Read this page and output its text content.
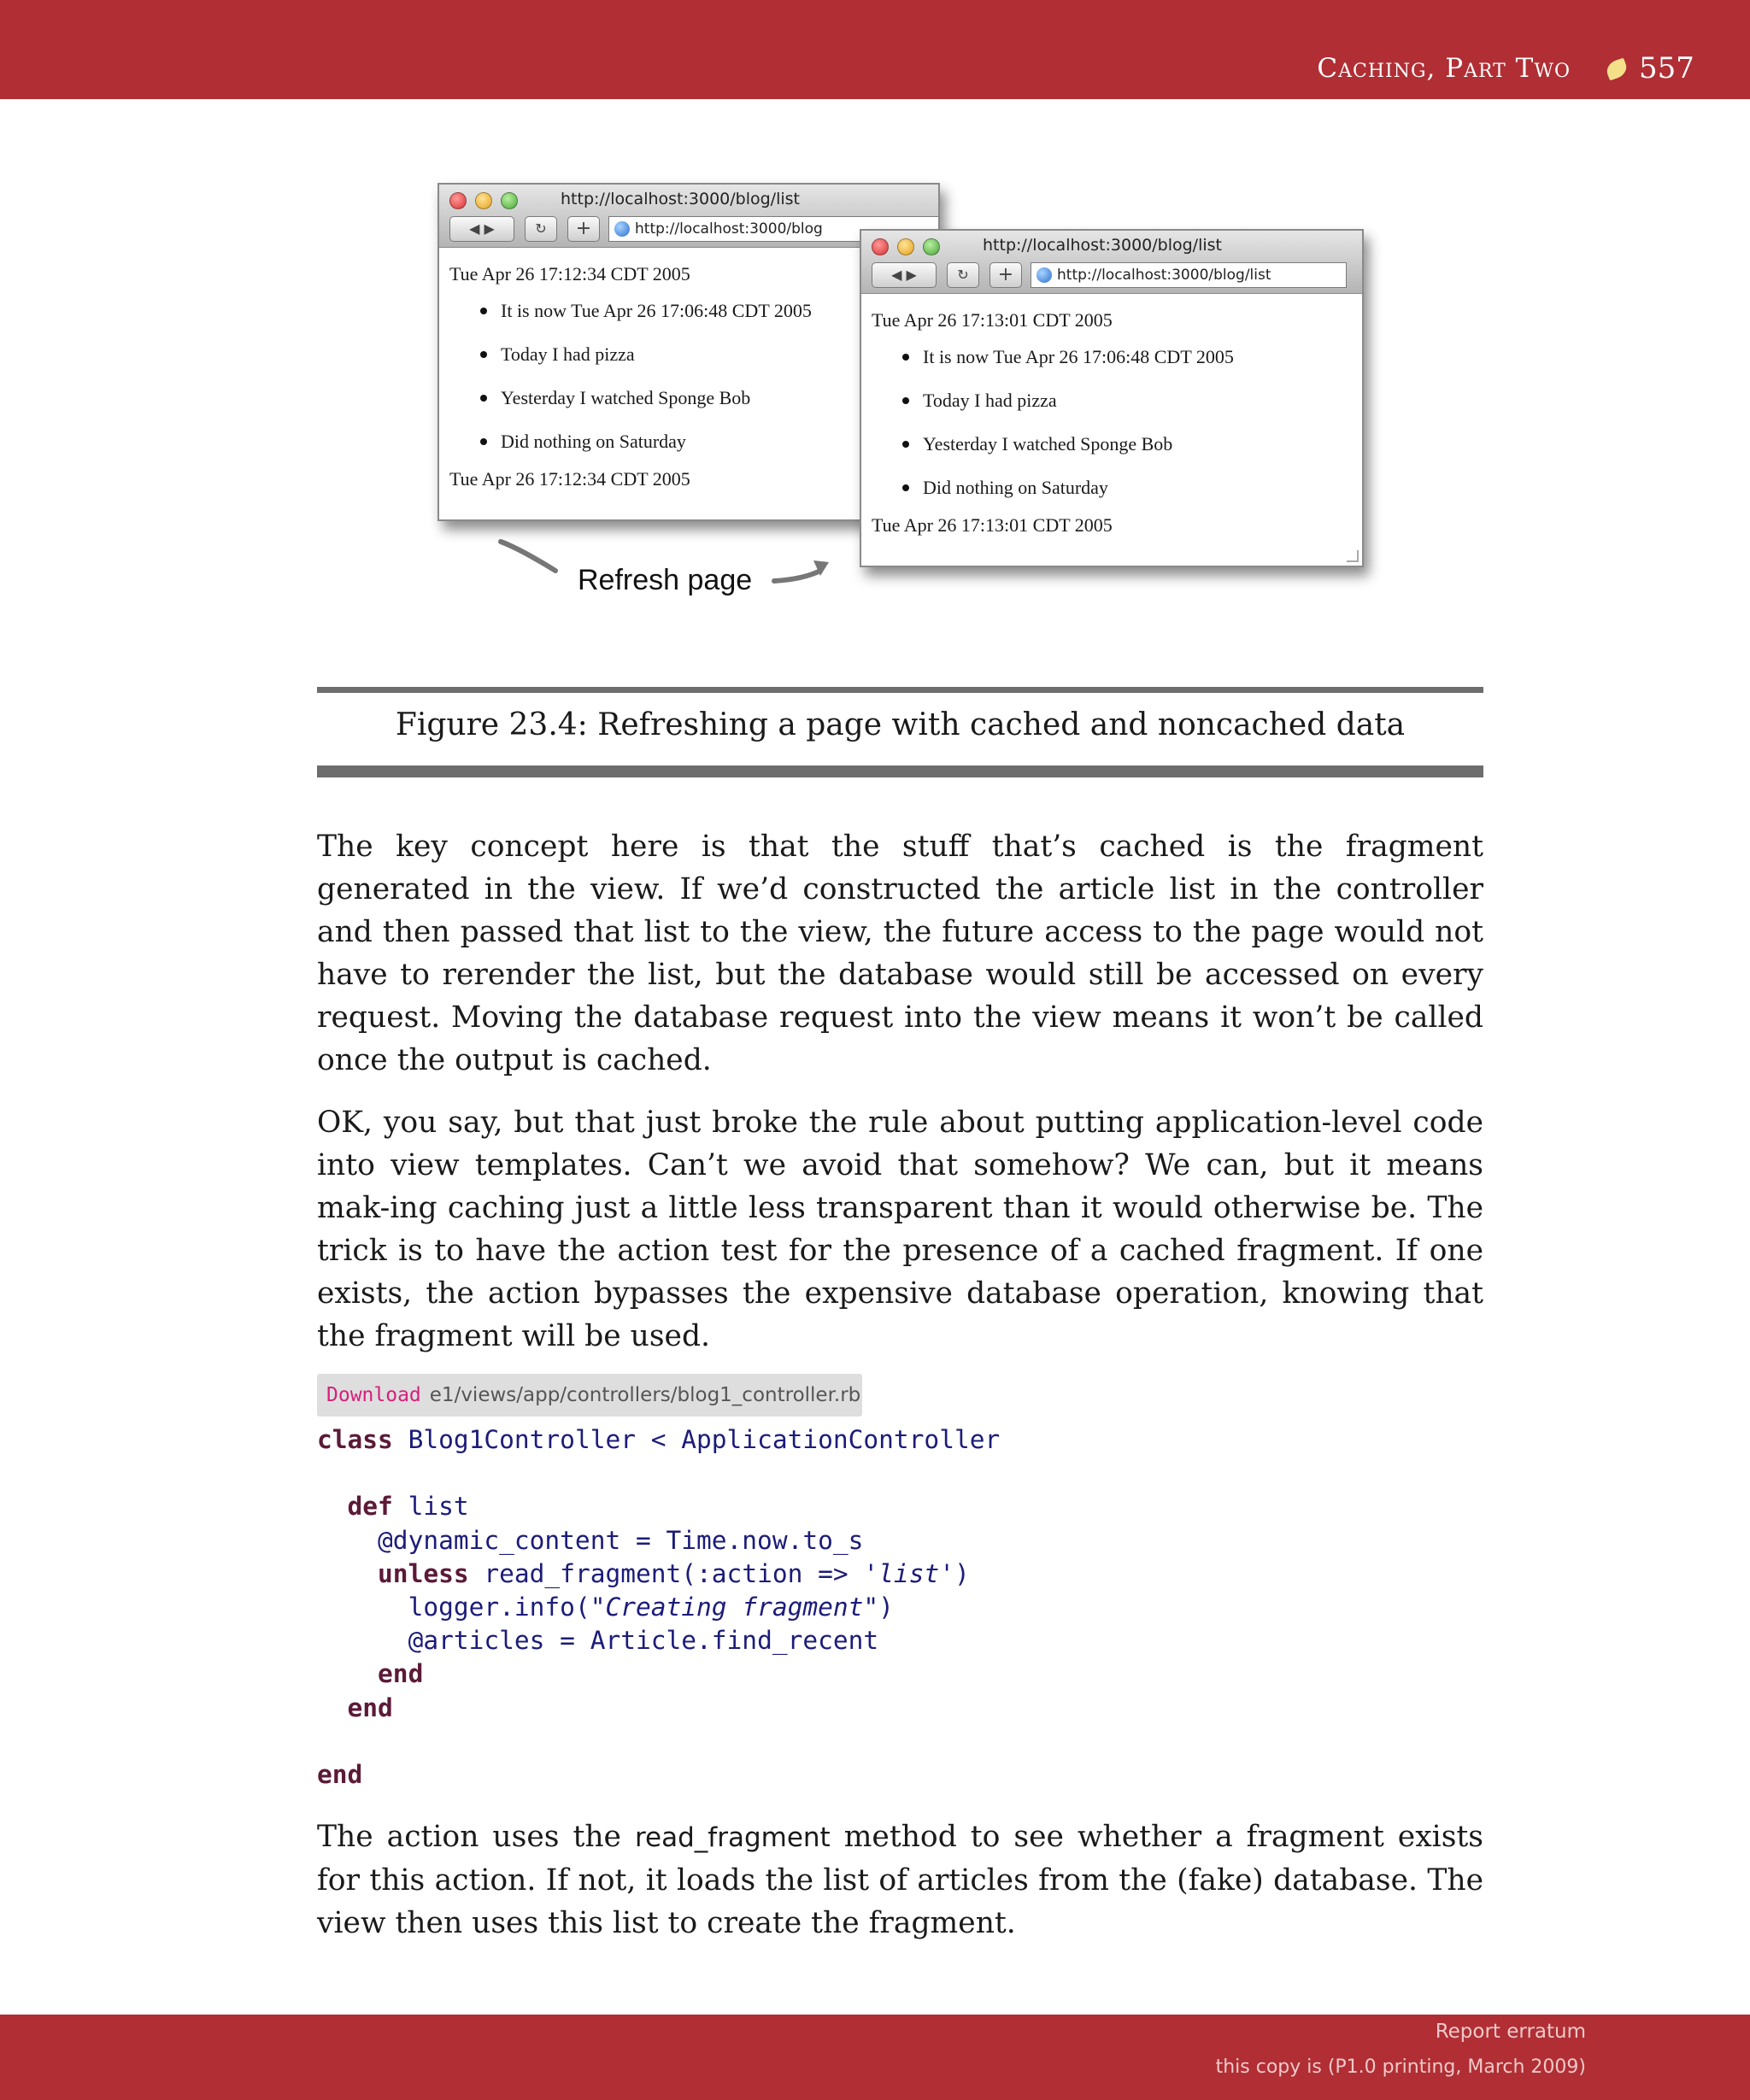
Caching, Part Two 557
http://localhost:3000/blog/list
◀ ▶	↻	+	http://localhost:3000/blog
Tue Apr 26 17:12:34 CDT 2005
It is now Tue Apr 26 17:06:48 CDT 2005
Today I had pizza
Yesterday I watched Sponge Bob
Did nothing on Saturday
Tue Apr 26 17:12:34 CDT 2005
http://localhost:3000/blog/list
◀ ▶	↻	+	http://localhost:3000/blog/list
Tue Apr 26 17:13:01 CDT 2005
It is now Tue Apr 26 17:06:48 CDT 2005
Today I had pizza
Yesterday I watched Sponge Bob
Did nothing on Saturday
Tue Apr 26 17:13:01 CDT 2005
Refresh page
Figure 23.4: Refreshing a page with cached and noncached data

The key concept here is that the stuff that’s cached is the fragment generated in the view. If we’d constructed the article list in the controller and then passed that list to the view, the future access to the page would not have to rerender the list, but the database would still be accessed on every request. Moving the database request into the view means it won’t be called once the output is cached.

OK, you say, but that just broke the rule about putting application-level code into view templates. Can’t we avoid that somehow? We can, but it means mak-ing caching just a little less transparent than it would otherwise be. The trick is to have the action test for the presence of a cached fragment. If one exists, the action bypasses the expensive database operation, knowing that the fragment will be used.

Download e1/views/app/controllers/blog1_controller.rb
class Blog1Controller < ApplicationController
def list
@dynamic_content = Time.now.to_s
unless read_fragment(:action => 'list')
logger.info("Creating fragment")
@articles = Article.find_recent
end
end
end

The action uses the read_fragment method to see whether a fragment exists for this action. If not, it loads the list of articles from the (fake) database. The view then uses this list to create the fragment.

Report erratum
this copy is (P1.0 printing, March 2009)
